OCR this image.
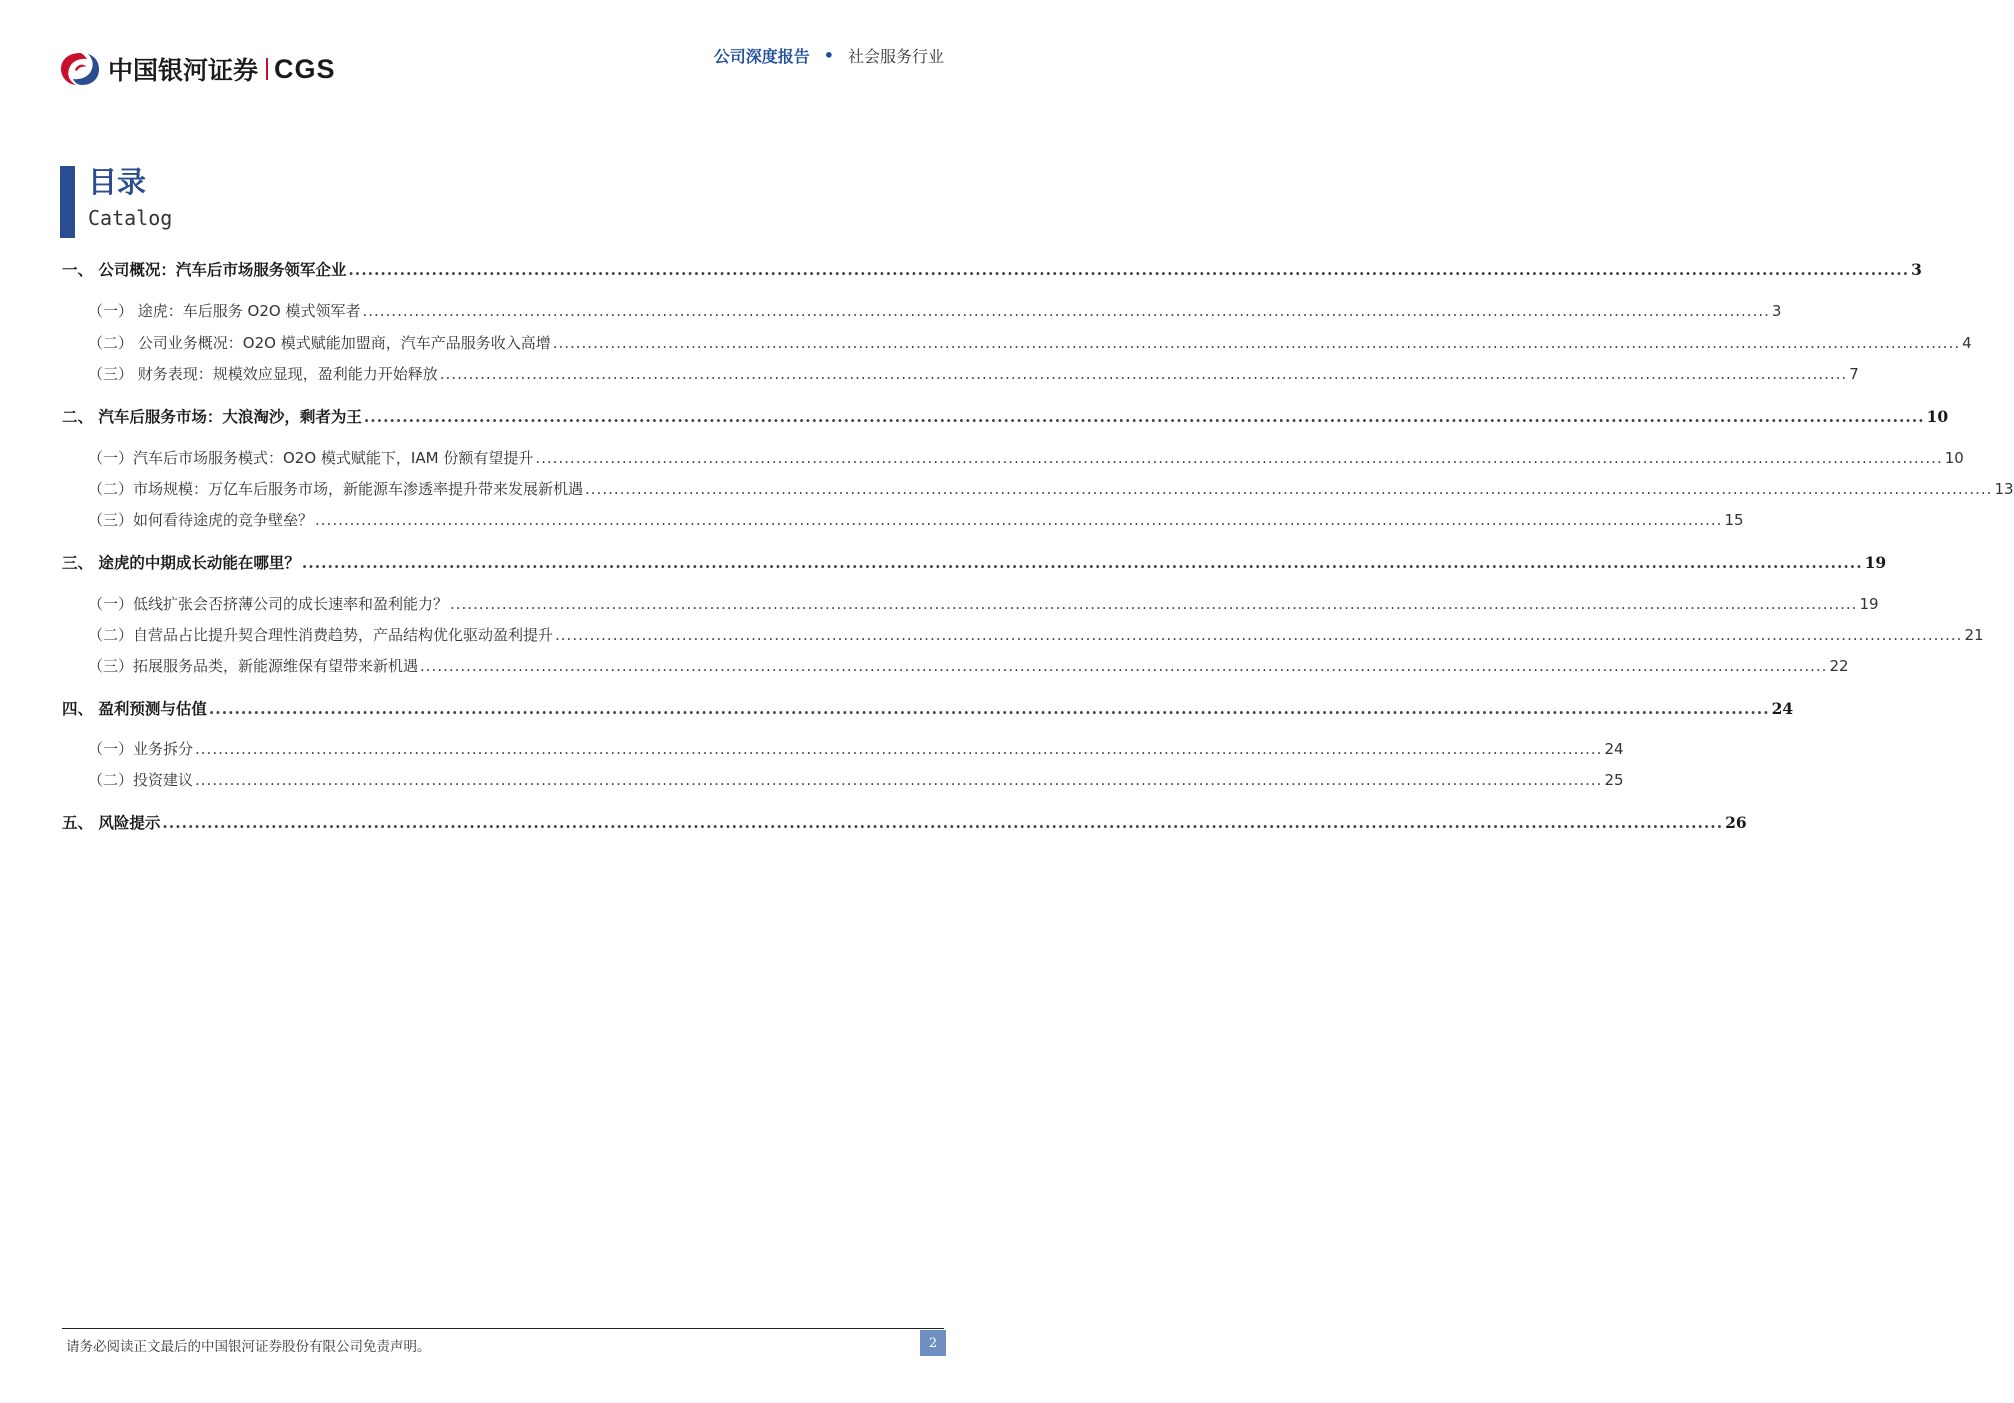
中国银河证券 CGS	公司深度报告 • 社会服务行业
目录
Catalog
一、 公司概况：汽车后市场服务领军企业 .................................................................................................................................................................................................................................................... 3
（一） 途虎：车后服务 O2O 模式领军者 .................................................................................................................................................................................................................................................... 3
（二） 公司业务概况：O2O 模式赋能加盟商，汽车产品服务收入高增 .................................................................................................................................................................................................................................................... 4
（三） 财务表现：规模效应显现，盈利能力开始释放 .................................................................................................................................................................................................................................................... 7
二、 汽车后服务市场：大浪淘沙，剩者为王 .................................................................................................................................................................................................................................................... 10
（一）汽车后市场服务模式：O2O 模式赋能下，IAM 份额有望提升 .................................................................................................................................................................................................................................................... 10
（二）市场规模：万亿车后服务市场，新能源车渗透率提升带来发展新机遇 .................................................................................................................................................................................................................................................... 13
（三）如何看待途虎的竞争壁垒？ .................................................................................................................................................................................................................................................... 15
三、 途虎的中期成长动能在哪里？ .................................................................................................................................................................................................................................................... 19
（一）低线扩张会否挤薄公司的成长速率和盈利能力？ .................................................................................................................................................................................................................................................... 19
（二）自营品占比提升契合理性消费趋势，产品结构优化驱动盈利提升 .................................................................................................................................................................................................................................................... 21
（三）拓展服务品类，新能源维保有望带来新机遇 .................................................................................................................................................................................................................................................... 22
四、 盈利预测与估值 .................................................................................................................................................................................................................................................... 24
（一）业务拆分 .................................................................................................................................................................................................................................................... 24
（二）投资建议 .................................................................................................................................................................................................................................................... 25
五、 风险提示 .................................................................................................................................................................................................................................................... 26
请务必阅读正文最后的中国银河证券股份有限公司免责声明。	2
